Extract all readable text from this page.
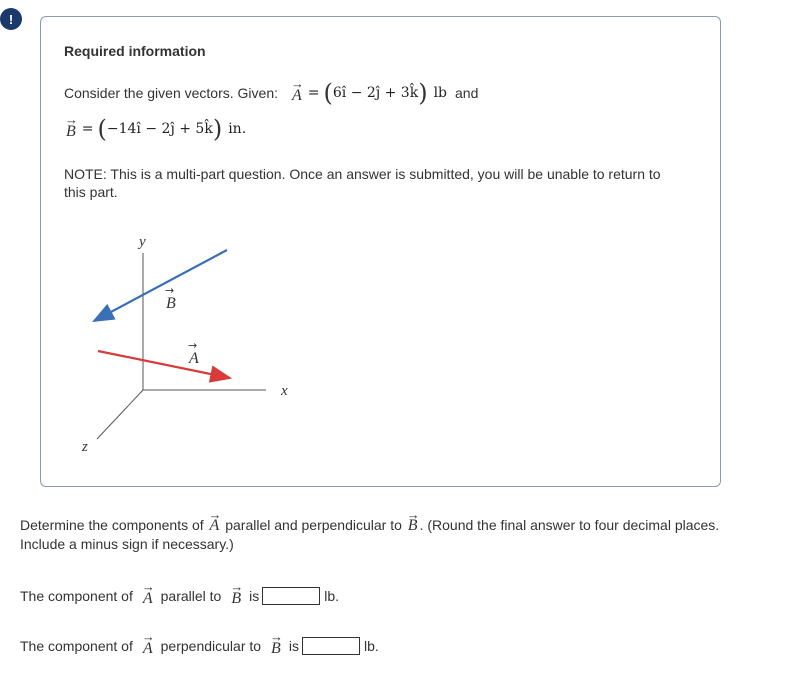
!
Required information
Consider the given vectors. Given: → A = ( 6î − 2ĵ + 3k̂ ) lb and
→ B = ( −14î − 2ĵ + 5k̂ ) in.
NOTE: This is a multi-part question. Once an answer is submitted, you will be unable to return to this part.
y
x
z
→
B
→
A
Determine the components of → A parallel and perpendicular to → B . (Round the final answer to four decimal places. Include a minus sign if necessary.)
The component of → A parallel to → B is	lb.
The component of → A perpendicular to → B is	lb.
